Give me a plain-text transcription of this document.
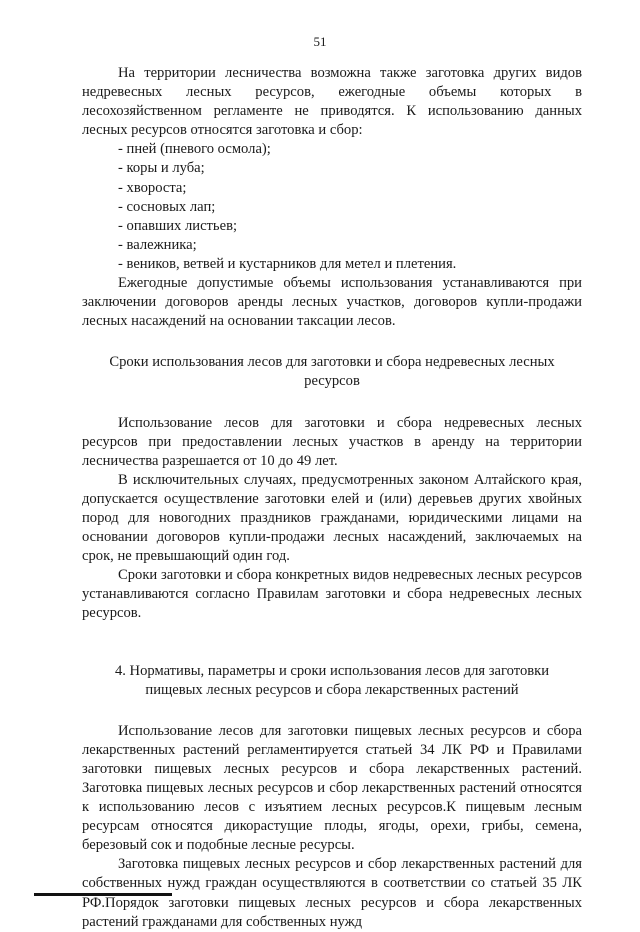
51

На территории лесничества возможна также заготовка других видов недревесных лесных ресурсов, ежегодные объемы которых в лесохозяйственном регламенте не приводятся. К использованию данных лесных ресурсов относятся заготовка и сбор:

- пней (пневого осмола);
- коры и луба;
- хвороста;
- сосновых лап;
- опавших листьев;
- валежника;
- веников, ветвей и кустарников для метел и плетения.

Ежегодные допустимые объемы использования устанавливаются при заключении договоров аренды лесных участков, договоров купли-продажи лесных насаждений на основании таксации лесов.

Сроки использования лесов для заготовки и сбора недревесных лесных ресурсов

Использование лесов для заготовки и сбора недревесных лесных ресурсов при предоставлении лесных участков в аренду на территории лесничества разрешается от 10 до 49 лет.

В исключительных случаях, предусмотренных законом Алтайского края, допускается осуществление заготовки елей и (или) деревьев других хвойных пород для новогодних праздников гражданами, юридическими лицами на основании договоров купли-продажи лесных насаждений, заключаемых на срок, не превышающий один год.

Сроки заготовки и сбора конкретных видов недревесных лесных ресурсов устанавливаются согласно Правилам заготовки и сбора недревесных лесных ресурсов.

4. Нормативы, параметры и сроки использования лесов для заготовки пищевых лесных ресурсов и сбора лекарственных растений

Использование лесов для заготовки пищевых лесных ресурсов и сбора лекарственных растений регламентируется статьей 34 ЛК РФ и Правилами заготовки пищевых лесных ресурсов и сбора лекарственных растений. Заготовка пищевых лесных ресурсов и сбор лекарственных растений относятся к использованию лесов с изъятием лесных ресурсов.К пищевым лесным ресурсам относятся дикорастущие плоды, ягоды, орехи, грибы, семена, березовый сок и подобные лесные ресурсы.

Заготовка пищевых лесных ресурсов и сбор лекарственных растений для собственных нужд граждан осуществляются в соответствии со статьей 35 ЛК РФ.Порядок заготовки пищевых лесных ресурсов и сбора лекарственных растений гражданами для собственных нужд
